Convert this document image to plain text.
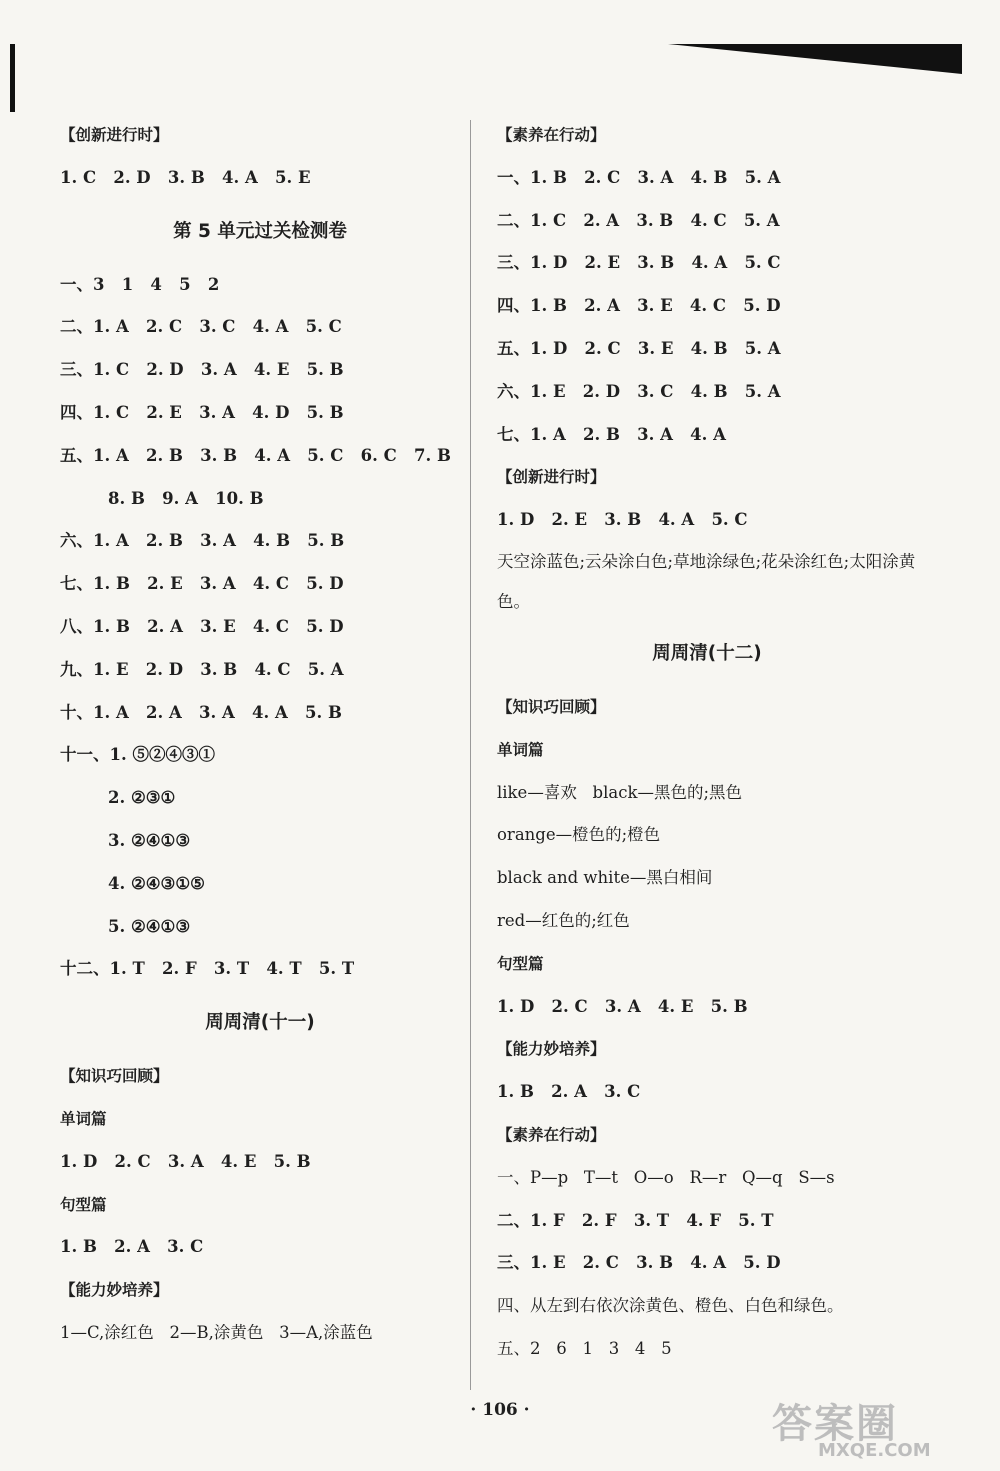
【创新进行时】
1. C   2. D   3. B   4. A   5. E
第 5 单元过关检测卷
一、3   1   4   5   2
二、1. A   2. C   3. C   4. A   5. C
三、1. C   2. D   3. A   4. E   5. B
四、1. C   2. E   3. A   4. D   5. B
五、1. A   2. B   3. B   4. A   5. C   6. C   7. B
8. B   9. A   10. B
六、1. A   2. B   3. A   4. B   5. B
七、1. B   2. E   3. A   4. C   5. D
八、1. B   2. A   3. E   4. C   5. D
九、1. E   2. D   3. B   4. C   5. A
十、1. A   2. A   3. A   4. A   5. B
十一、1. ⑤②④③①
2. ②③①
3. ②④①③
4. ②④③①⑤
5. ②④①③
十二、1. T   2. F   3. T   4. T   5. T
周周清(十一)
【知识巧回顾】
单词篇
1. D   2. C   3. A   4. E   5. B
句型篇
1. B   2. A   3. C
【能力妙培养】
1—C,涂红色   2—B,涂黄色   3—A,涂蓝色
【素养在行动】
一、1. B   2. C   3. A   4. B   5. A
二、1. C   2. A   3. B   4. C   5. A
三、1. D   2. E   3. B   4. A   5. C
四、1. B   2. A   3. E   4. C   5. D
五、1. D   2. C   3. E   4. B   5. A
六、1. E   2. D   3. C   4. B   5. A
七、1. A   2. B   3. A   4. A
【创新进行时】
1. D   2. E   3. B   4. A   5. C
天空涂蓝色;云朵涂白色;草地涂绿色;花朵涂红色;太阳涂黄色。
周周清(十二)
【知识巧回顾】
单词篇
like—喜欢   black—黑色的;黑色
orange—橙色的;橙色
black and white—黑白相间
red—红色的;红色
句型篇
1. D   2. C   3. A   4. E   5. B
【能力妙培养】
1. B   2. A   3. C
【素养在行动】
一、P—p   T—t   O—o   R—r   Q—q   S—s
二、1. F   2. F   3. T   4. F   5. T
三、1. E   2. C   3. B   4. A   5. D
四、从左到右依次涂黄色、橙色、白色和绿色。
五、2   6   1   3   4   5
· 106 ·	答案圈
MXQE.COM
